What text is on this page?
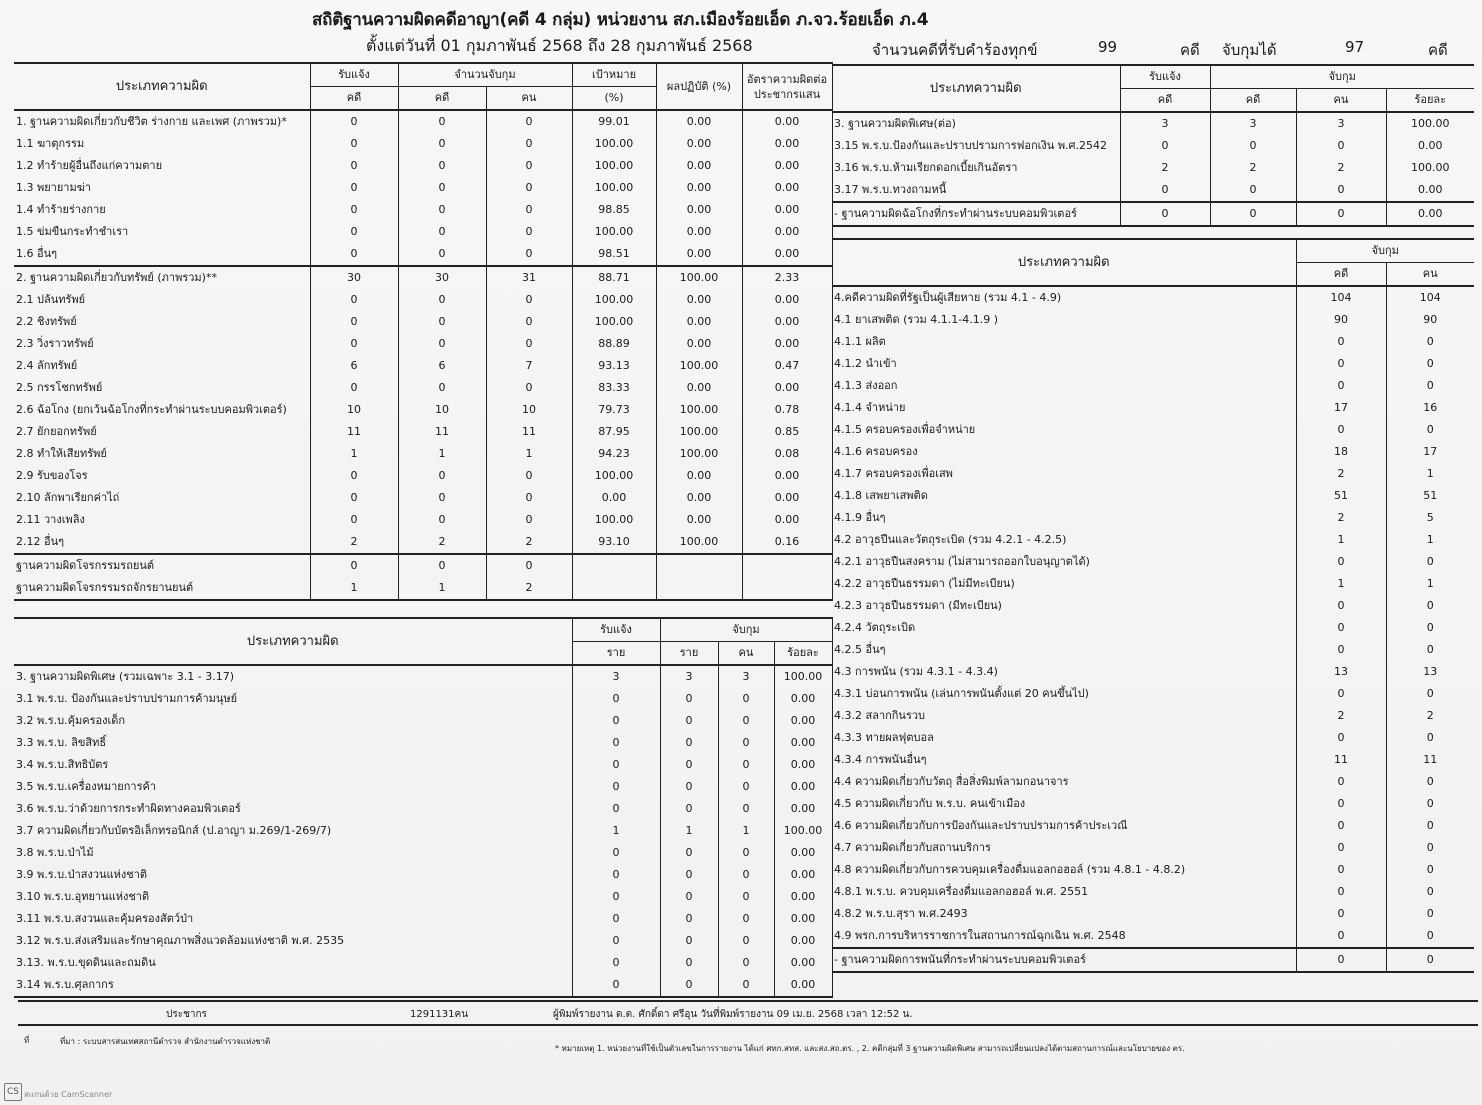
สถิติฐานความผิดคดีอาญา(คดี 4 กลุ่ม) หน่วยงาน สภ.เมืองร้อยเอ็ด ภ.จว.ร้อยเอ็ด ภ.4
ตั้งแต่วันที่ 01 กุมภาพันธ์ 2568 ถึง 28 กุมภาพันธ์ 2568	จำนวนคดีที่รับคำร้องทุกข์	99	คดี จับกุมได้	97	คดี
ประเภทความผิด	รับแจ้ง	จำนวนจับกุม		เป้าหมาย	ผลปฏิบัติ (%)	อัตราความผิดต่อประชากรแสน
	คดี	คดี	คน	(%)		
1. ฐานความผิดเกี่ยวกับชีวิต ร่างกาย และเพศ (ภาพรวม)*	0	0	0	99.01	0.00	0.00
1.1 ฆาตุกรรม	0	0	0	100.00	0.00	0.00
1.2 ทำร้ายผู้อื่นถึงแก่ความตาย	0	0	0	100.00	0.00	0.00
1.3 พยายามฆ่า	0	0	0	100.00	0.00	0.00
1.4 ทำร้ายร่างกาย	0	0	0	98.85	0.00	0.00
1.5 ข่มขืนกระทำชำเรา	0	0	0	100.00	0.00	0.00
1.6 อื่นๆ	0	0	0	98.51	0.00	0.00
2. ฐานความผิดเกี่ยวกับทรัพย์ (ภาพรวม)**	30	30	31	88.71	100.00	2.33
2.1 ปล้นทรัพย์	0	0	0	100.00	0.00	0.00
2.2 ชิงทรัพย์	0	0	0	100.00	0.00	0.00
2.3 วิ่งราวทรัพย์	0	0	0	88.89	0.00	0.00
2.4 ลักทรัพย์	6	6	7	93.13	100.00	0.47
2.5 กรรโชกทรัพย์	0	0	0	83.33	0.00	0.00
2.6 ฉ้อโกง (ยกเว้นฉ้อโกงที่กระทำผ่านระบบคอมพิวเตอร์)	10	10	10	79.73	100.00	0.78
2.7 ยักยอกทรัพย์	11	11	11	87.95	100.00	0.85
2.8 ทำให้เสียทรัพย์	1	1	1	94.23	100.00	0.08
2.9 รับของโจร	0	0	0	100.00	0.00	0.00
2.10 ลักพาเรียกค่าไถ่	0	0	0	0.00	0.00	0.00
2.11 วางเพลิง	0	0	0	100.00	0.00	0.00
2.12 อื่นๆ	2	2	2	93.10	100.00	0.16
ฐานความผิดโจรกรรมรถยนต์	0	0	0			
ฐานความผิดโจรกรรมรถจักรยานยนต์	1	1	2			
ประเภทความผิด	รับแจ้ง	จับกุม		
	ราย	ราย	คน	ร้อยละ
3. ฐานความผิดพิเศษ (รวมเฉพาะ 3.1 - 3.17)	3	3	3	100.00
3.1 พ.ร.บ. ป้องกันและปราบปรามการค้ามนุษย์	0	0	0	0.00
3.2 พ.ร.บ.คุ้มครองเด็ก	0	0	0	0.00
3.3 พ.ร.บ. ลิขสิทธิ์	0	0	0	0.00
3.4 พ.ร.บ.สิทธิบัตร	0	0	0	0.00
3.5 พ.ร.บ.เครื่องหมายการค้า	0	0	0	0.00
3.6 พ.ร.บ.ว่าด้วยการกระทำผิดทางคอมพิวเตอร์	0	0	0	0.00
3.7 ความผิดเกี่ยวกับบัตรอิเล็กทรอนิกส์ (ป.อาญา ม.269/1-269/7)	1	1	1	100.00
3.8 พ.ร.บ.ป่าไม้	0	0	0	0.00
3.9 พ.ร.บ.ป่าสงวนแห่งชาติ	0	0	0	0.00
3.10 พ.ร.บ.อุทยานแห่งชาติ	0	0	0	0.00
3.11 พ.ร.บ.สงวนและคุ้มครองสัตว์ป่า	0	0	0	0.00
3.12 พ.ร.บ.ส่งเสริมและรักษาคุณภาพสิ่งแวดล้อมแห่งชาติ พ.ศ. 2535	0	0	0	0.00
3.13. พ.ร.บ.ขุดดินและถมดิน	0	0	0	0.00
3.14 พ.ร.บ.ศุลกากร	0	0	0	0.00
ประเภทความผิด	รับแจ้ง	จับกุม		
	คดี	คดี	คน	ร้อยละ
3. ฐานความผิดพิเศษ(ต่อ)	3	3	3	100.00
3.15 พ.ร.บ.ป้องกันและปราบปรามการฟอกเงิน พ.ศ.2542	0	0	0	0.00
3.16 พ.ร.บ.ห้ามเรียกดอกเบี้ยเกินอัตรา	2	2	2	100.00
3.17 พ.ร.บ.ทวงถามหนี้	0	0	0	0.00
- ฐานความผิดฉ้อโกงที่กระทำผ่านระบบคอมพิวเตอร์	0	0	0	0.00
ประเภทความผิด	จับกุม	
	คดี	คน
4.คดีความผิดที่รัฐเป็นผู้เสียหาย (รวม 4.1 - 4.9)	104	104
4.1 ยาเสพติด (รวม 4.1.1-4.1.9 )	90	90
4.1.1 ผลิต	0	0
4.1.2 นำเข้า	0	0
4.1.3 ส่งออก	0	0
4.1.4 จำหน่าย	17	16
4.1.5 ครอบครองเพื่อจำหน่าย	0	0
4.1.6 ครอบครอง	18	17
4.1.7 ครอบครองเพื่อเสพ	2	1
4.1.8 เสพยาเสพติด	51	51
4.1.9 อื่นๆ	2	5
4.2 อาวุธปืนและวัตถุระเบิด (รวม 4.2.1 - 4.2.5)	1	1
4.2.1 อาวุธปืนสงคราม (ไม่สามารถออกใบอนุญาตได้)	0	0
4.2.2 อาวุธปืนธรรมดา (ไม่มีทะเบียน)	1	1
4.2.3 อาวุธปืนธรรมดา (มีทะเบียน)	0	0
4.2.4 วัตถุระเบิด	0	0
4.2.5 อื่นๆ	0	0
4.3 การพนัน (รวม 4.3.1 - 4.3.4)	13	13
4.3.1 บ่อนการพนัน (เล่นการพนันตั้งแต่ 20 คนขึ้นไป)	0	0
4.3.2 สลากกินรวบ	2	2
4.3.3 ทายผลฟุตบอล	0	0
4.3.4 การพนันอื่นๆ	11	11
4.4 ความผิดเกี่ยวกับวัตถุ สื่อสิ่งพิมพ์ลามกอนาจาร	0	0
4.5 ความผิดเกี่ยวกับ พ.ร.บ. คนเข้าเมือง	0	0
4.6 ความผิดเกี่ยวกับการป้องกันและปราบปรามการค้าประเวณี	0	0
4.7 ความผิดเกี่ยวกับสถานบริการ	0	0
4.8 ความผิดเกี่ยวกับการควบคุมเครื่องดื่มแอลกอฮอล์ (รวม 4.8.1 - 4.8.2)	0	0
4.8.1 พ.ร.บ. ควบคุมเครื่องดื่มแอลกอฮอล์ พ.ศ. 2551	0	0
4.8.2 พ.ร.บ.สุรา พ.ศ.2493	0	0
4.9 พรก.การบริหารราชการในสถานการณ์ฉุกเฉิน พ.ศ. 2548	0	0
- ฐานความผิดการพนันที่กระทำผ่านระบบคอมพิวเตอร์	0	0
ประชากร	1291131คน	ผู้พิมพ์รายงาน ด.ต. ศักดิ์ดา ศรีอุน วันที่พิมพ์รายงาน 09 เม.ย. 2568 เวลา 12:52 น.
ที่	ที่มา : ระบบสารสนเทศสถานีตำรวจ สำนักงานตำรวจแห่งชาติ
* หมายเหตุ 1. หน่วยงานที่ใช้เป็นตัวเลขในการรายงาน ได้แก่ ศทก.สทส. และสง.สถ.ตร. , 2. คดีกลุ่มที่ 3 ฐานความผิดพิเศษ สามารถเปลี่ยนแปลงได้ตามสถานการณ์และนโยบายของ ตร.
CS สแกนด้วย CamScanner
